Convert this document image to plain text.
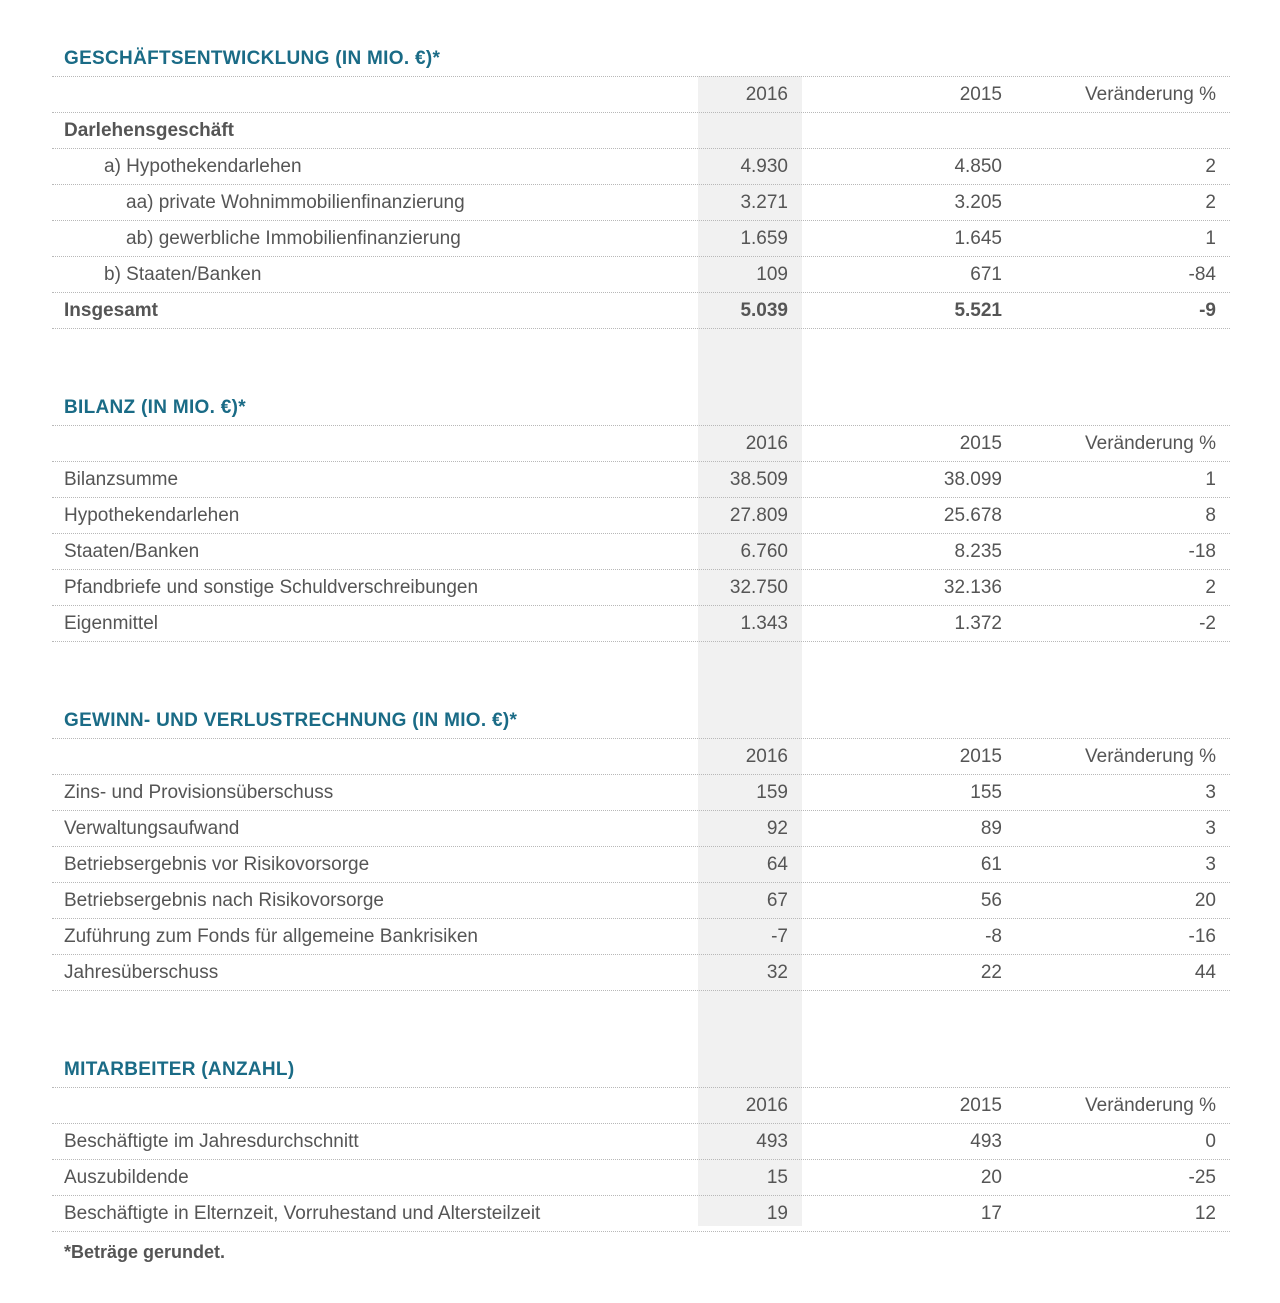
GESCHÄFTSENTWICKLUNG (IN MIO. €)*
2016	2015	Veränderung %
Darlehensgeschäft
a) Hypothekendarlehen	4.930	4.850	2
aa) private Wohnimmobilienfinanzierung	3.271	3.205	2
ab) gewerbliche Immobilienfinanzierung	1.659	1.645	1
b) Staaten/Banken	109	671	-84
Insgesamt	5.039	5.521	-9
BILANZ (IN MIO. €)*
2016	2015	Veränderung %
Bilanzsumme	38.509	38.099	1
Hypothekendarlehen	27.809	25.678	8
Staaten/Banken	6.760	8.235	-18
Pfandbriefe und sonstige Schuldverschreibungen	32.750	32.136	2
Eigenmittel	1.343	1.372	-2
GEWINN- UND VERLUSTRECHNUNG (IN MIO. €)*
2016	2015	Veränderung %
Zins- und Provisionsüberschuss	159	155	3
Verwaltungsaufwand	92	89	3
Betriebsergebnis vor Risikovorsorge	64	61	3
Betriebsergebnis nach Risikovorsorge	67	56	20
Zuführung zum Fonds für allgemeine Bankrisiken	-7	-8	-16
Jahresüberschuss	32	22	44
MITARBEITER (ANZAHL)
2016	2015	Veränderung %
Beschäftigte im Jahresdurchschnitt	493	493	0
Auszubildende	15	20	-25
Beschäftigte in Elternzeit, Vorruhestand und Altersteilzeit	19	17	12
*Beträge gerundet.
